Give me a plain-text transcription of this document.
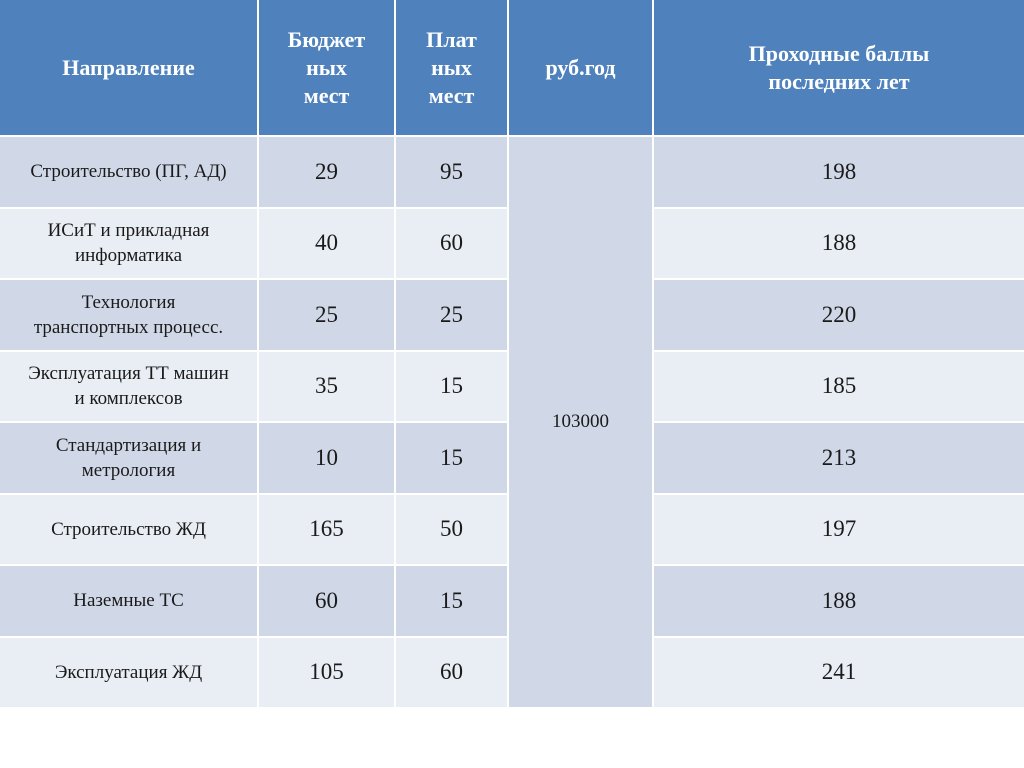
Направление	Бюджет
ных
мест	Плат
ных
мест	руб.год	Проходные баллы
последних лет

Строительство (ПГ, АД)	29	95	103000	198

ИСиТ и прикладная
информатика	40	60		188

Технология
транспортных процесс.	25	25		220

Эксплуатация ТТ машин
и комплексов	35	15		185

Стандартизация и
метрология	10	15		213

Строительство ЖД	165	50		197

Наземные ТС	60	15		188

Эксплуатация ЖД	105	60		241
